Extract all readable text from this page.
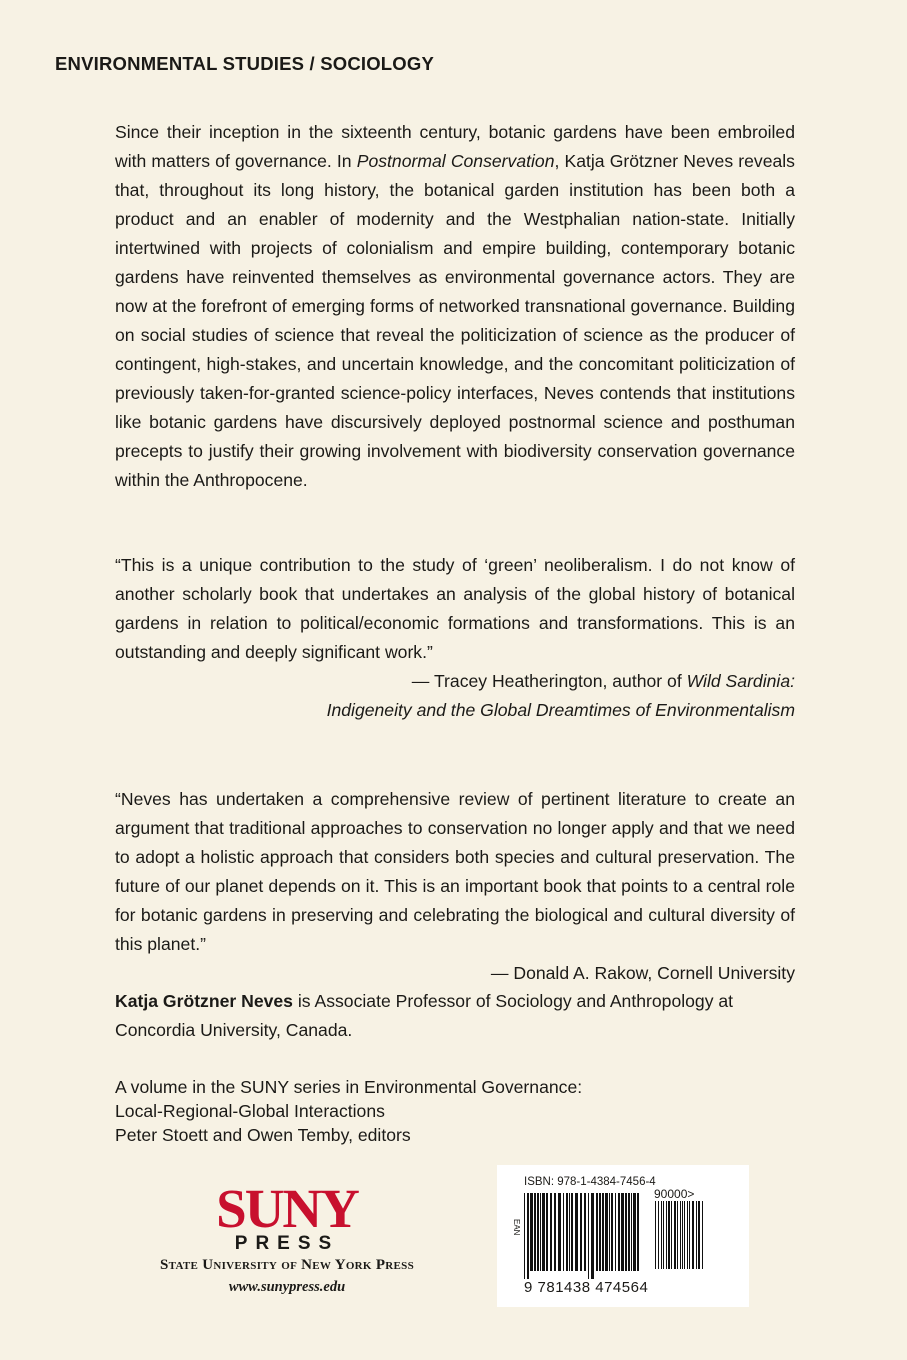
ENVIRONMENTAL STUDIES / SOCIOLOGY
Since their inception in the sixteenth century, botanic gardens have been embroiled with matters of governance. In Postnormal Conservation, Katja Grötzner Neves reveals that, throughout its long history, the botanical garden institution has been both a product and an enabler of modernity and the Westphalian nation-state. Initially intertwined with projects of colonialism and empire building, contemporary botanic gardens have reinvented themselves as environmental governance actors. They are now at the forefront of emerging forms of networked transnational governance. Building on social studies of science that reveal the politicization of science as the producer of contingent, high-stakes, and uncertain knowledge, and the concomitant politicization of previously taken-for-granted science-policy interfaces, Neves contends that institutions like botanic gardens have discursively deployed postnormal science and posthuman precepts to justify their growing involvement with biodiversity conservation governance within the Anthropocene.
“This is a unique contribution to the study of ‘green’ neoliberalism. I do not know of another scholarly book that undertakes an analysis of the global history of botanical gardens in relation to political/economic formations and transformations. This is an outstanding and deeply significant work.”
— Tracey Heatherington, author of Wild Sardinia:
Indigeneity and the Global Dreamtimes of Environmentalism
“Neves has undertaken a comprehensive review of pertinent literature to create an argument that traditional approaches to conservation no longer apply and that we need to adopt a holistic approach that considers both species and cultural preservation. The future of our planet depends on it. This is an important book that points to a central role for botanic gardens in preserving and celebrating the biological and cultural diversity of this planet.”
— Donald A. Rakow, Cornell University
Katja Grötzner Neves is Associate Professor of Sociology and Anthropology at Concordia University, Canada.
A volume in the SUNY series in Environmental Governance:
Local-Regional-Global Interactions
Peter Stoett and Owen Temby, editors
SUNY
PRESS
State University of New York Press
www.sunypress.edu
ISBN: 978-1-4384-7456-4
EAN
90000>
9 781438 474564
